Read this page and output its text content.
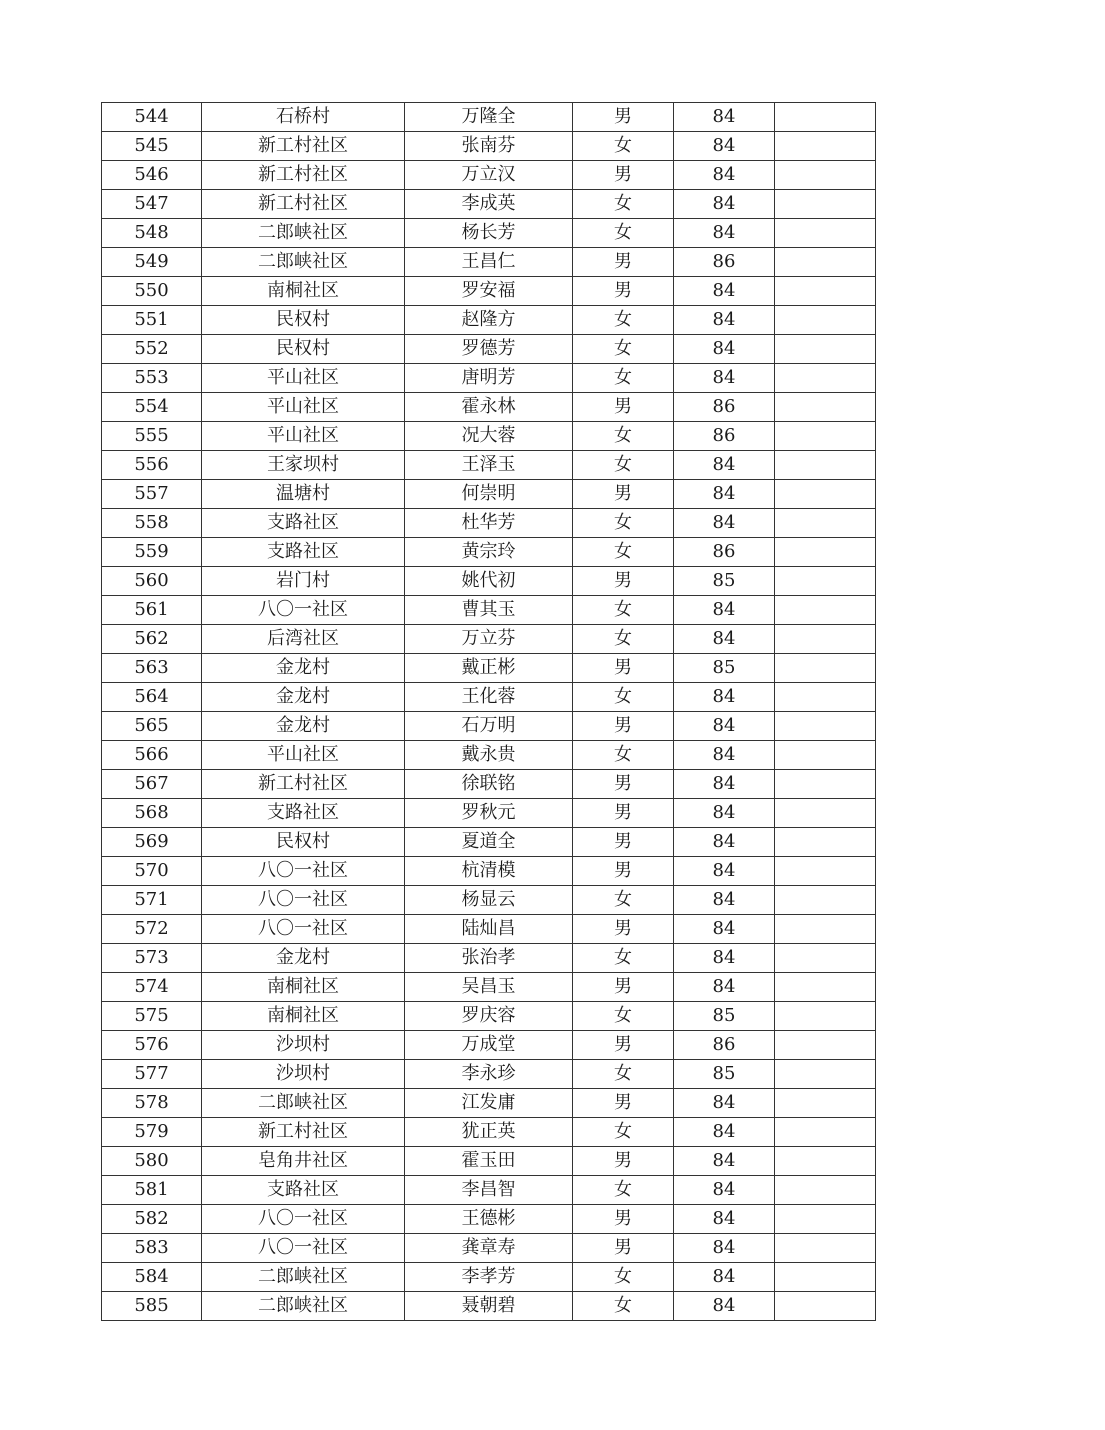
544	石桥村	万隆全	男	84	
545	新工村社区	张南芬	女	84	
546	新工村社区	万立汉	男	84	
547	新工村社区	李成英	女	84	
548	二郎峡社区	杨长芳	女	84	
549	二郎峡社区	王昌仁	男	86	
550	南桐社区	罗安福	男	84	
551	民权村	赵隆方	女	84	
552	民权村	罗德芳	女	84	
553	平山社区	唐明芳	女	84	
554	平山社区	霍永林	男	86	
555	平山社区	况大蓉	女	86	
556	王家坝村	王泽玉	女	84	
557	温塘村	何崇明	男	84	
558	支路社区	杜华芳	女	84	
559	支路社区	黄宗玲	女	86	
560	岩门村	姚代初	男	85	
561	八〇一社区	曹其玉	女	84	
562	后湾社区	万立芬	女	84	
563	金龙村	戴正彬	男	85	
564	金龙村	王化蓉	女	84	
565	金龙村	石万明	男	84	
566	平山社区	戴永贵	女	84	
567	新工村社区	徐联铭	男	84	
568	支路社区	罗秋元	男	84	
569	民权村	夏道全	男	84	
570	八〇一社区	杭清模	男	84	
571	八〇一社区	杨显云	女	84	
572	八〇一社区	陆灿昌	男	84	
573	金龙村	张治孝	女	84	
574	南桐社区	吴昌玉	男	84	
575	南桐社区	罗庆容	女	85	
576	沙坝村	万成堂	男	86	
577	沙坝村	李永珍	女	85	
578	二郎峡社区	江发庸	男	84	
579	新工村社区	犹正英	女	84	
580	皂角井社区	霍玉田	男	84	
581	支路社区	李昌智	女	84	
582	八〇一社区	王德彬	男	84	
583	八〇一社区	龚章寿	男	84	
584	二郎峡社区	李孝芳	女	84	
585	二郎峡社区	聂朝碧	女	84	
